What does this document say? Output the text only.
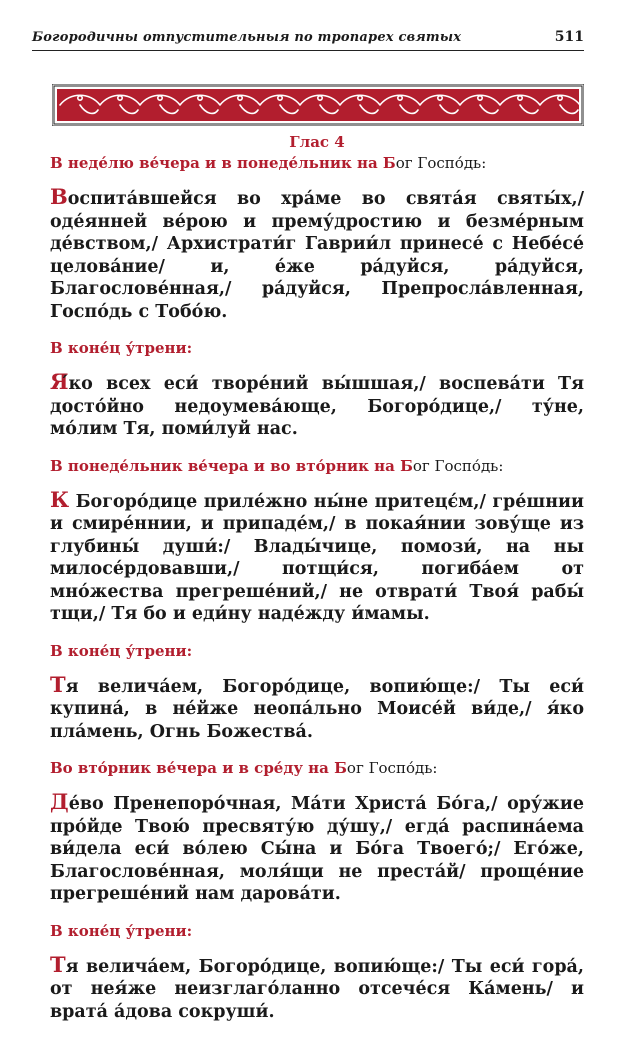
Богородичны отпустительныя по тропарех святых	511
Глас 4
В неде́лю ве́чера и в понеде́льник на Бог Госпо́дь:

Воспита́вшейся во хра́ме во свята́я святы́х,/ оде́янней ве́рою и прему́дростию и безме́рным де́вством,/ Архистрати́г Гаврии́л принесе́ с Небе́се́ целова́ние/ и, е́же ра́дуйся, ра́дуйся, Благослове́нная,/ ра́дуйся, Препросла́вленная, Госпо́дь с Тобо́ю.

В коне́ц у́трени:

Я́ко всех еси́ творе́ний вы́шшая,/ воспева́ти Тя досто́йно недоумева́юще, Богоро́дице,/ ту́не, мо́лим Тя, поми́луй нас.

В понеде́льник ве́чера и во вто́рник на Бог Госпо́дь:

К Богоро́дице приле́жно ны́не притецє́м,/ гре́шнии и смире́ннии, и припаде́м,/ в покая́нии зову́ще из глубины́ души́:/ Влады́чице, помози́, на ны милосе́рдовавши,/ потщи́ся, погиба́ем от мно́жества прегреше́ний,/ не отврати́ Твоя́ рабы́ тщи,/ Тя бо и еди́ну наде́жду и́мамы.

В коне́ц у́трени:

Тя велича́ем, Богоро́дице, вопию́ще:/ Ты еси́ купина́, в не́йже неопа́льно Моисе́й ви́де,/ я́ко пла́мень, Огнь Божества́.

Во вто́рник ве́чера и в сре́ду на Бог Госпо́дь:

Де́во Пренепоро́чная, Ма́ти Христа́ Бо́га,/ ору́жие про́йде Твою́ пресвяту́ю ду́шу,/ егда́ распина́ема ви́дела еси́ во́лею Сы́на и Бо́га Твоего́;/ Его́же, Благослове́нная, моля́щи не преста́й/ проще́ние прегреше́ний нам дарова́ти.

В коне́ц у́трени:

Тя велича́ем, Богоро́дице, вопию́ще:/ Ты еси́ гора́, от нея́же неизглаго́ланно отсече́ся Ка́мень/ и врата́ а́дова сокруши́.
